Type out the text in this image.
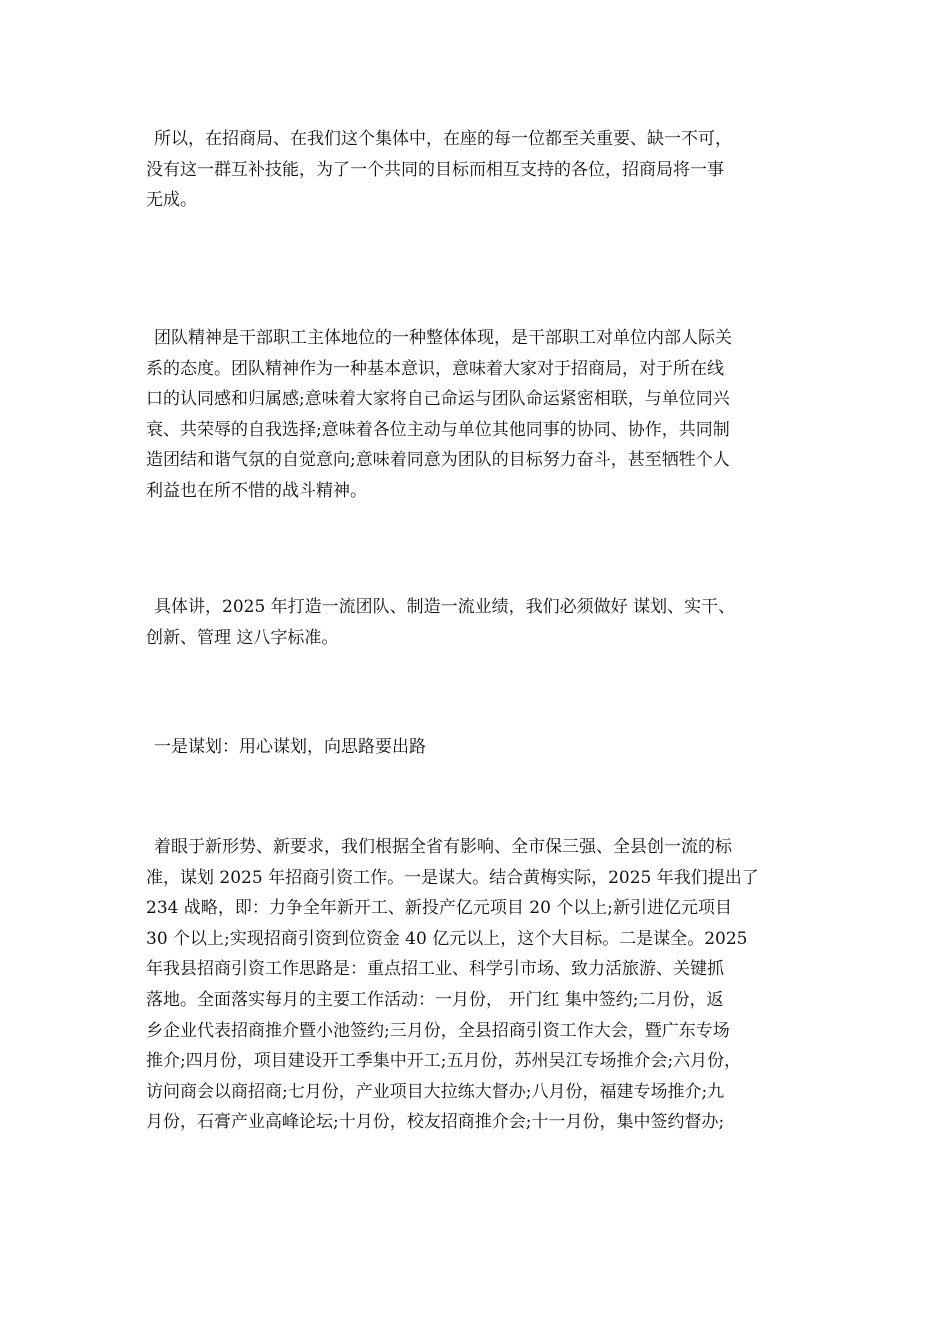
所以，在招商局、在我们这个集体中，在座的每一位都至关重要、缺一不可，
没有这一群互补技能，为了一个共同的目标而相互支持的各位，招商局将一事
无成。

团队精神是干部职工主体地位的一种整体体现，是干部职工对单位内部人际关
系的态度。团队精神作为一种基本意识，意味着大家对于招商局，对于所在线
口的认同感和归属感;意味着大家将自己命运与团队命运紧密相联，与单位同兴
衰、共荣辱的自我选择;意味着各位主动与单位其他同事的协同、协作，共同制
造团结和谐气氛的自觉意向;意味着同意为团队的目标努力奋斗，甚至牺牲个人
利益也在所不惜的战斗精神。

具体讲，2025 年打造一流团队、制造一流业绩，我们必须做好 谋划、实干、
创新、管理 这八字标准。

一是谋划：用心谋划，向思路要出路

着眼于新形势、新要求，我们根据全省有影响、全市保三强、全县创一流的标
准，谋划 2025 年招商引资工作。一是谋大。结合黄梅实际，2025 年我们提出了
234 战略，即：力争全年新开工、新投产亿元项目 20 个以上;新引进亿元项目
30 个以上;实现招商引资到位资金 40 亿元以上，这个大目标。二是谋全。2025
年我县招商引资工作思路是：重点招工业、科学引市场、致力活旅游、关键抓
落地。全面落实每月的主要工作活动：一月份， 开门红 集中签约;二月份，返
乡企业代表招商推介暨小池签约;三月份，全县招商引资工作大会，暨广东专场
推介;四月份，项目建设开工季集中开工;五月份，苏州吴江专场推介会;六月份，
访问商会以商招商;七月份，产业项目大拉练大督办;八月份，福建专场推介;九
月份，石膏产业高峰论坛;十月份，校友招商推介会;十一月份，集中签约督办;
